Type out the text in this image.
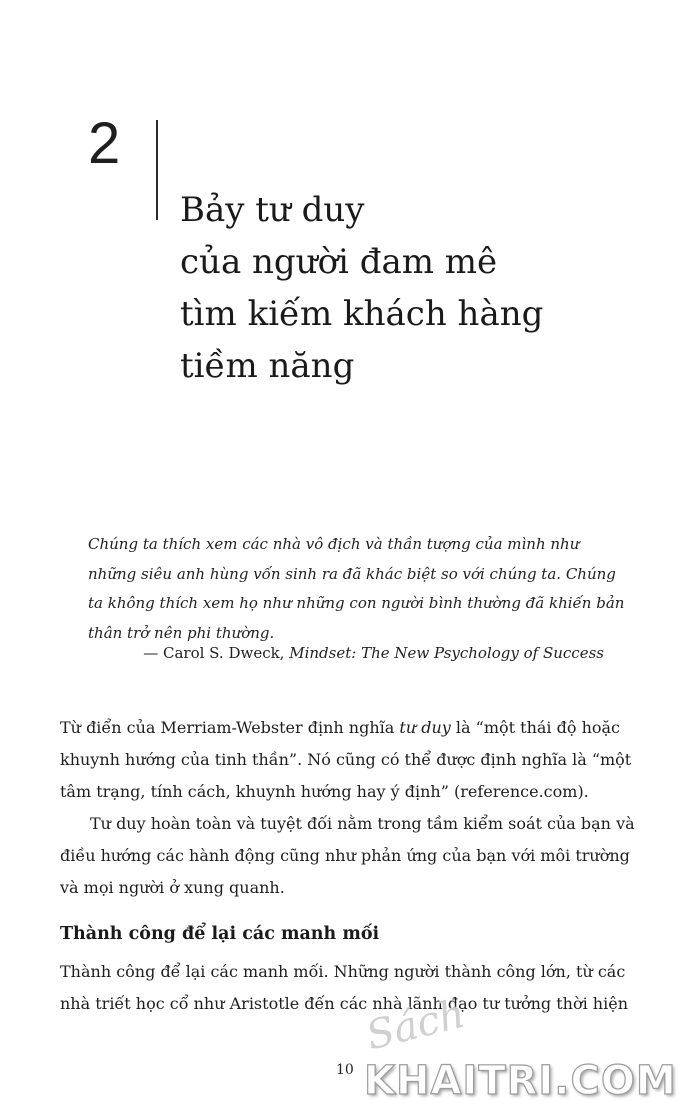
2
Bảy tư duy
của người đam mê
tìm kiếm khách hàng
tiềm năng

Chúng ta thích xem các nhà vô địch và thần tượng của mình như
những siêu anh hùng vốn sinh ra đã khác biệt so với chúng ta. Chúng
ta không thích xem họ như những con người bình thường đã khiến bản
thân trở nên phi thường.

— Carol S. Dweck, Mindset: The New Psychology of Success

Từ điển của Merriam-Webster định nghĩa tư duy là “một thái độ hoặc
khuynh hướng của tinh thần”. Nó cũng có thể được định nghĩa là “một
tâm trạng, tính cách, khuynh hướng hay ý định” (reference.com).
Tư duy hoàn toàn và tuyệt đối nằm trong tầm kiểm soát của bạn và
điều hướng các hành động cũng như phản ứng của bạn với môi trường
và mọi người ở xung quanh.

Thành công để lại các manh mối

Thành công để lại các manh mối. Những người thành công lớn, từ các
nhà triết học cổ như Aristotle đến các nhà lãnh đạo tư tưởng thời hiện

10
Sách
KHAITRI.COM
